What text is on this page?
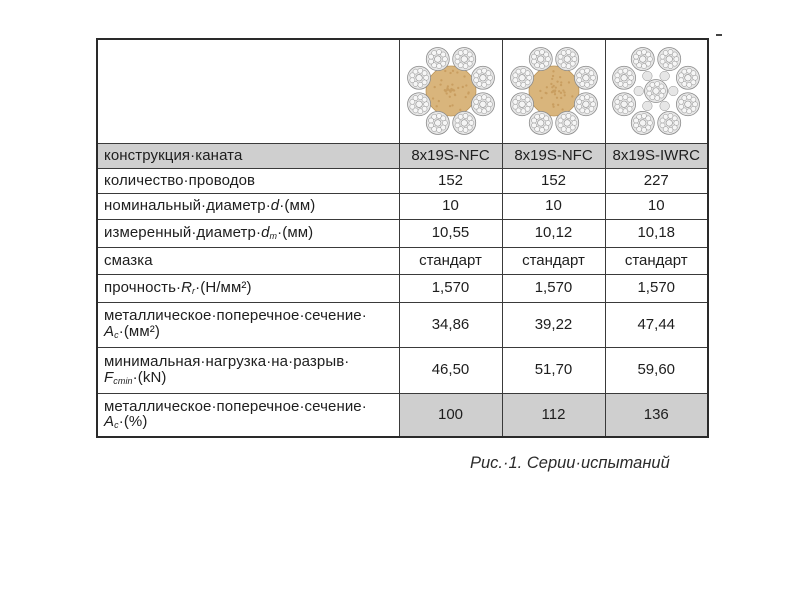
конструкция·каната	8x19S-NFC	8x19S-NFC	8x19S-IWRC
количество·проводов	152	152	227
номинальный·диаметр·d·(мм)	10	10	10
$измеренный\cdot диаметр\cdot d_m\cdot(мм)$	10,55	10,12	10,18
смазка	стандарт	стандарт	стандарт
$прочность\cdot R_r\cdot(Н/мм^2)$	1,570	1,570	1,570
металлическое·поперечное·сечение·
$A_c\cdot(мм^2)$	34,86	39,22	47,44
минимальная·нагрузка·на·разрыв·
$F_{cmin}\cdot(kN)$	46,50	51,70	59,60
металлическое·поперечное·сечение·
$A_c\cdot(\%)$	100	112	136
Рис.·1. Серии·испытаний
